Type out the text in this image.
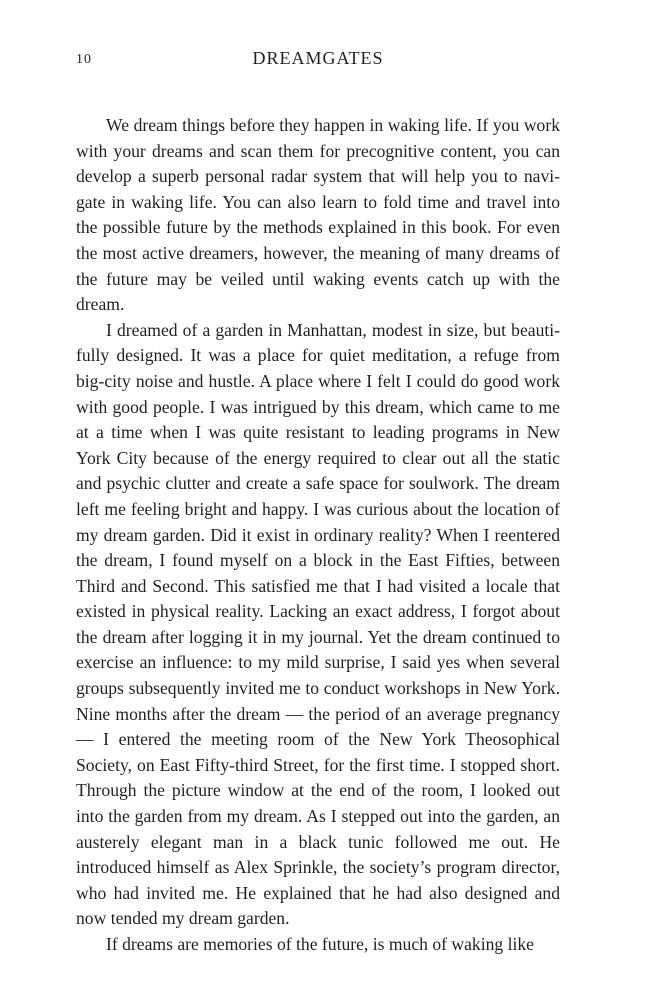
10	DREAMGATES

We dream things before they happen in waking life. If you work with your dreams and scan them for precognitive content, you can develop a superb personal radar system that will help you to navigate in waking life. You can also learn to fold time and travel into the possible future by the methods explained in this book. For even the most active dreamers, however, the meaning of many dreams of the future may be veiled until waking events catch up with the dream.

I dreamed of a garden in Manhattan, modest in size, but beautifully designed. It was a place for quiet meditation, a refuge from big-city noise and hustle. A place where I felt I could do good work with good people. I was intrigued by this dream, which came to me at a time when I was quite resistant to leading programs in New York City because of the energy required to clear out all the static and psychic clutter and create a safe space for soulwork. The dream left me feeling bright and happy. I was curious about the location of my dream garden. Did it exist in ordinary reality? When I reentered the dream, I found myself on a block in the East Fifties, between Third and Second. This satisfied me that I had visited a locale that existed in physical reality. Lacking an exact address, I forgot about the dream after logging it in my journal. Yet the dream continued to exercise an influence: to my mild surprise, I said yes when several groups subsequently invited me to conduct workshops in New York. Nine months after the dream — the period of an average pregnancy — I entered the meeting room of the New York Theosophical Society, on East Fifty-third Street, for the first time. I stopped short. Through the picture window at the end of the room, I looked out into the garden from my dream. As I stepped out into the garden, an austerely elegant man in a black tunic followed me out. He introduced himself as Alex Sprinkle, the society’s program director, who had invited me. He explained that he had also designed and now tended my dream garden.

If dreams are memories of the future, is much of waking like
